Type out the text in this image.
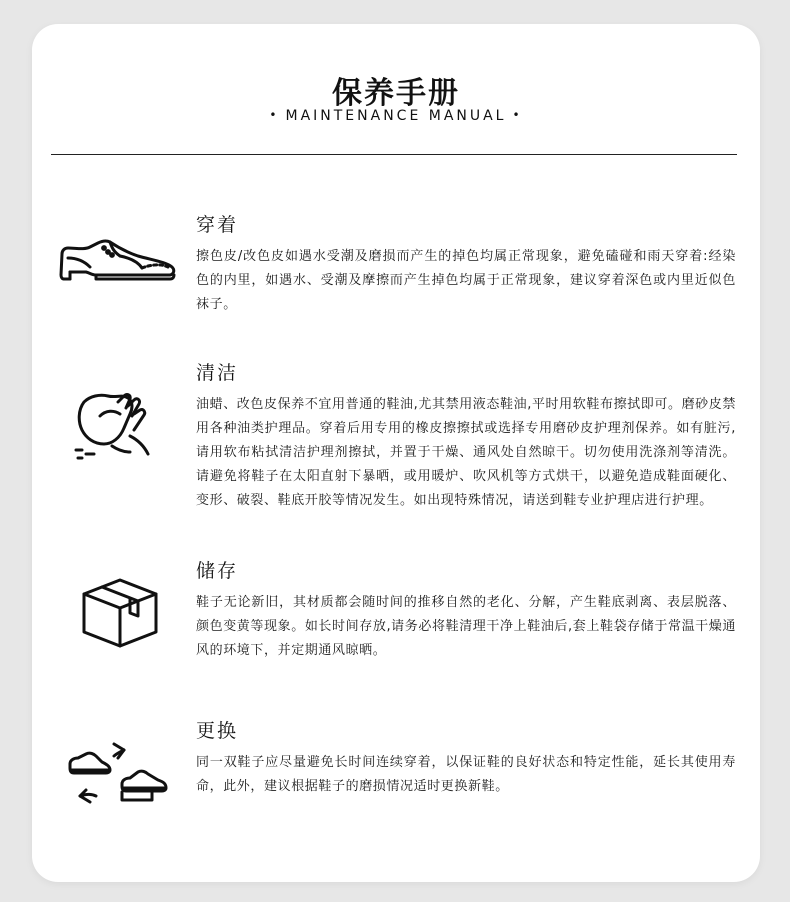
保养手册
• MAINTENANCE MANUAL •
穿着

擦色皮/改色皮如遇水受潮及磨损而产生的掉色均属正常现象，避免磕碰和雨天穿着:经染色的内里，如遇水、受潮及摩擦而产生掉色均属于正常现象，建议穿着深色或内里近似色袜子。

清洁

油蜡、改色皮保养不宜用普通的鞋油,尤其禁用液态鞋油,平时用软鞋布擦拭即可。磨砂皮禁用各种油类护理品。穿着后用专用的橡皮擦擦拭或选择专用磨砂皮护理剂保养。如有脏污,请用软布粘拭清洁护理剂擦拭，并置于干燥、通风处自然晾干。切勿使用洗涤剂等清洗。请避免将鞋子在太阳直射下暴晒，或用暖炉、吹风机等方式烘干，以避免造成鞋面硬化、变形、破裂、鞋底开胶等情况发生。如出现特殊情况，请送到鞋专业护理店进行护理。

储存

鞋子无论新旧，其材质都会随时间的推移自然的老化、分解，产生鞋底剥离、表层脱落、颜色变黄等现象。如长时间存放,请务必将鞋清理干净上鞋油后,套上鞋袋存储于常温干燥通风的环境下，并定期通风晾晒。

更换

同一双鞋子应尽量避免长时间连续穿着，以保证鞋的良好状态和特定性能，延长其使用寿命，此外，建议根据鞋子的磨损情况适时更换新鞋。
